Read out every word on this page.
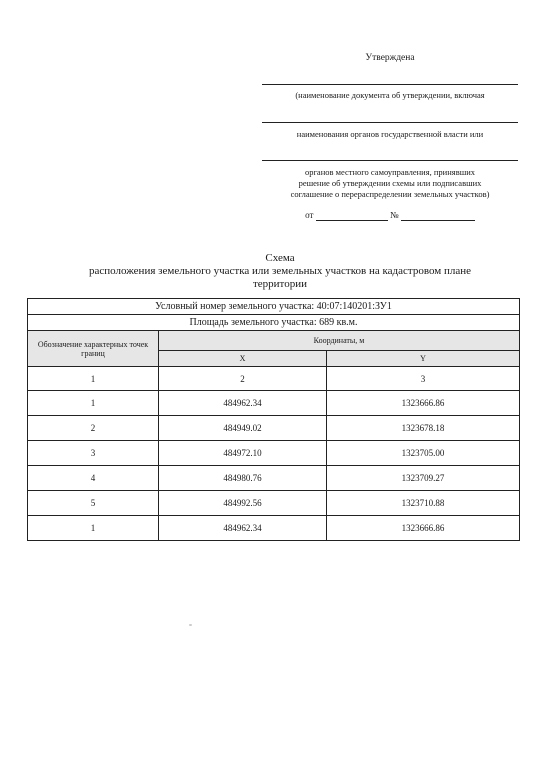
Утверждена
(наименование документа об утверждении, включая
наименования органов государственной власти или
органов местного самоуправления, принявших
решение об утверждении схемы или подписавших
соглашение о перераспределении земельных участков)
от	№
Схема
расположения земельного участка или земельных участков на кадастровом плане
территории
Условный номер земельного участка: 40:07:140201:ЗУ1		
Площадь земельного участка: 689 кв.м.		
Обозначение характерных точек границ	Координаты, м	
	X	Y
1	2	3
1	484962.34	1323666.86
2	484949.02	1323678.18
3	484972.10	1323705.00
4	484980.76	1323709.27
5	484992.56	1323710.88
1	484962.34	1323666.86
